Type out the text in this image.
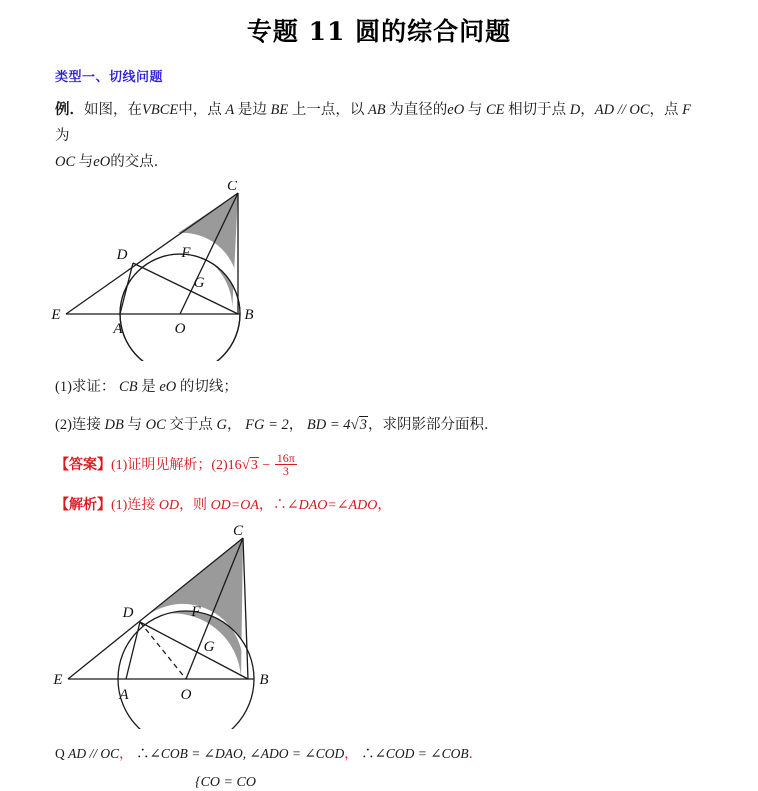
专题 11 圆的综合问题
类型一、切线问题
例．如图，在VBCE中，点 A 是边 BE 上一点，以 AB 为直径的eO 与 CE 相切于点 D，AD // OC，点 F 为
OC 与eO的交点．
C
D	F
G
E
A	O
B
(1)求证： CB 是 eO 的切线；
(2)连接 DB 与 OC 交于点 G， FG = 2， BD = 4√3，求阴影部分面积．
【答案】(1)证明见解析；$(2)16√3 - \frac{16\pi}{3}$
【解析】(1)连接 OD，则 OD=OA，∴∠DAO=∠ADO，
C
D	F
G
E
A	O
B
Q AD // OC， ∴∠COB = ∠DAO, ∠ADO = ∠COD， ∴∠COD = ∠COB．
{CO = CO
